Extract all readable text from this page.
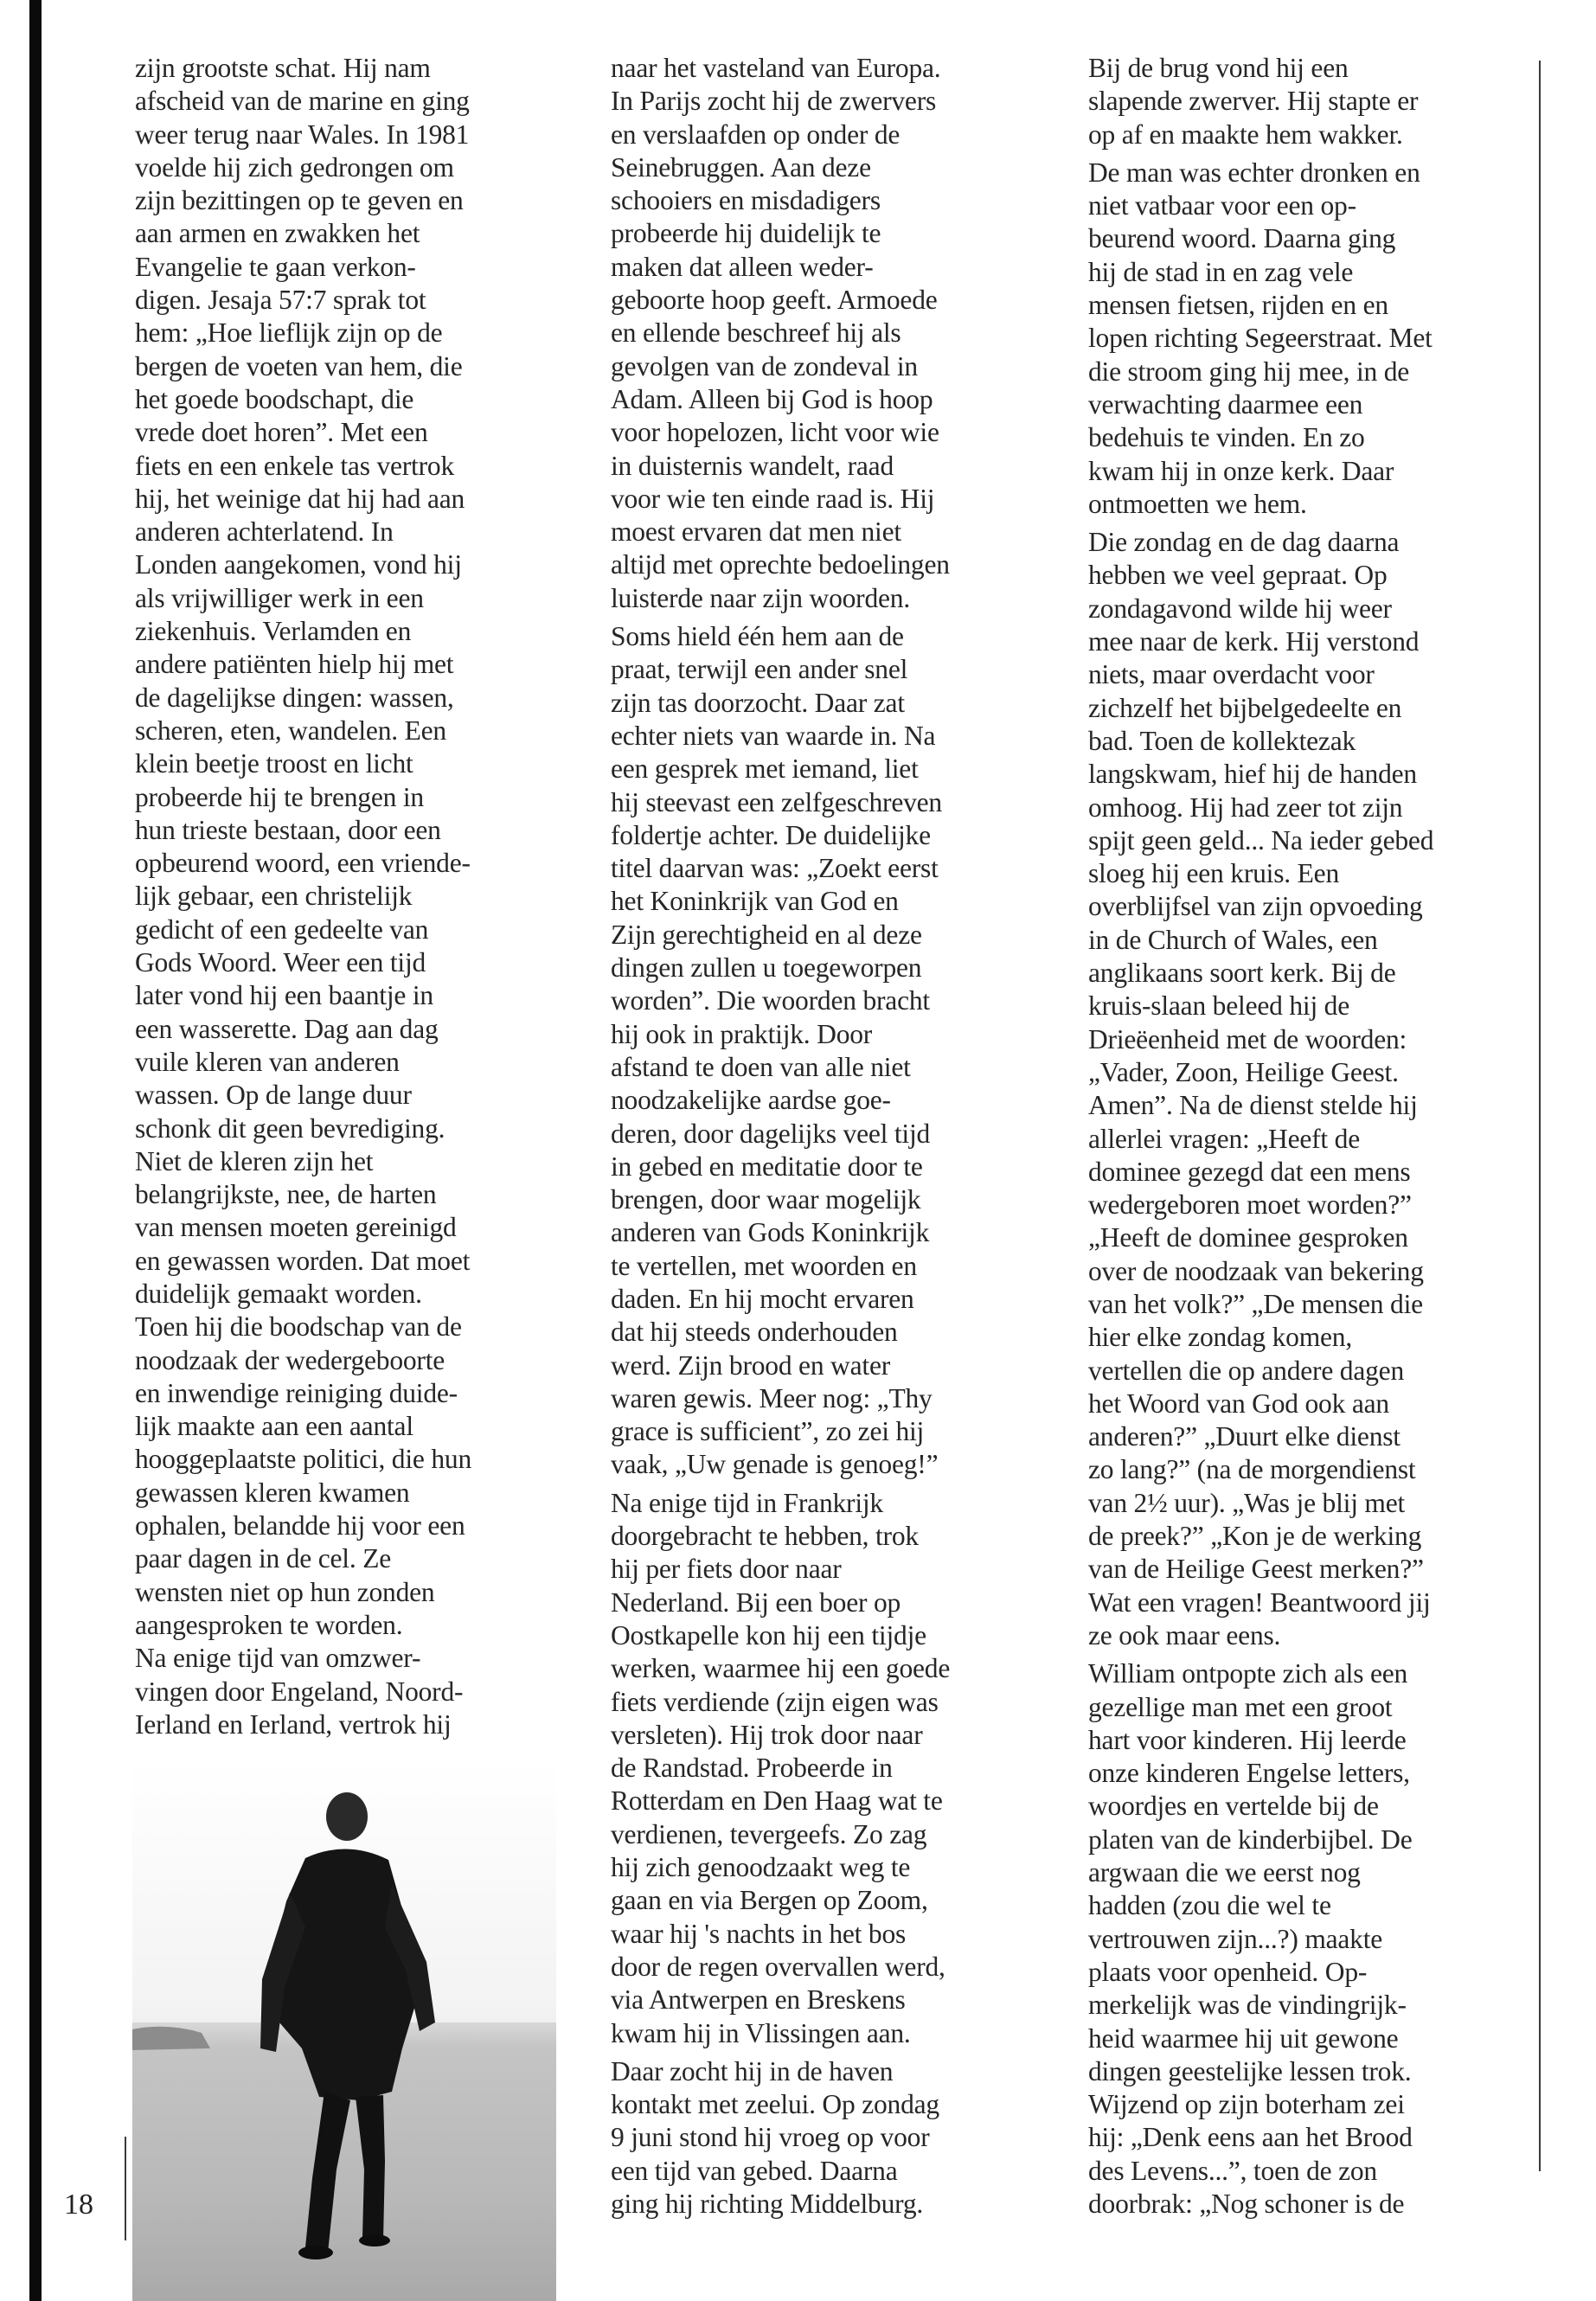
zijn grootste schat. Hij nam
afscheid van de marine en ging
weer terug naar Wales. In 1981
voelde hij zich gedrongen om
zijn bezittingen op te geven en
aan armen en zwakken het
Evangelie te gaan verkon-
digen. Jesaja 57:7 sprak tot
hem: „Hoe lieflijk zijn op de
bergen de voeten van hem, die
het goede boodschapt, die
vrede doet horen”. Met een
fiets en een enkele tas vertrok
hij, het weinige dat hij had aan
anderen achterlatend. In
Londen aangekomen, vond hij
als vrijwilliger werk in een
ziekenhuis. Verlamden en
andere patiënten hielp hij met
de dagelijkse dingen: wassen,
scheren, eten, wandelen. Een
klein beetje troost en licht
probeerde hij te brengen in
hun trieste bestaan, door een
opbeurend woord, een vriende-
lijk gebaar, een christelijk
gedicht of een gedeelte van
Gods Woord. Weer een tijd
later vond hij een baantje in
een wasserette. Dag aan dag
vuile kleren van anderen
wassen. Op de lange duur
schonk dit geen bevrediging.
Niet de kleren zijn het
belangrijkste, nee, de harten
van mensen moeten gereinigd
en gewassen worden. Dat moet
duidelijk gemaakt worden.
Toen hij die boodschap van de
noodzaak der wedergeboorte
en inwendige reiniging duide-
lijk maakte aan een aantal
hooggeplaatste politici, die hun
gewassen kleren kwamen
ophalen, belandde hij voor een
paar dagen in de cel. Ze
wensten niet op hun zonden
aangesproken te worden.
Na enige tijd van omzwer-
vingen door Engeland, Noord-
Ierland en Ierland, vertrok hij

naar het vasteland van Europa.
In Parijs zocht hij de zwervers
en verslaafden op onder de
Seinebruggen. Aan deze
schooiers en misdadigers
probeerde hij duidelijk te
maken dat alleen weder-
geboorte hoop geeft. Armoede
en ellende beschreef hij als
gevolgen van de zondeval in
Adam. Alleen bij God is hoop
voor hopelozen, licht voor wie
in duisternis wandelt, raad
voor wie ten einde raad is. Hij
moest ervaren dat men niet
altijd met oprechte bedoelingen
luisterde naar zijn woorden.

Soms hield één hem aan de
praat, terwijl een ander snel
zijn tas doorzocht. Daar zat
echter niets van waarde in. Na
een gesprek met iemand, liet
hij steevast een zelfgeschreven
foldertje achter. De duidelijke
titel daarvan was: „Zoekt eerst
het Koninkrijk van God en
Zijn gerechtigheid en al deze
dingen zullen u toegeworpen
worden”. Die woorden bracht
hij ook in praktijk. Door
afstand te doen van alle niet
noodzakelijke aardse goe-
deren, door dagelijks veel tijd
in gebed en meditatie door te
brengen, door waar mogelijk
anderen van Gods Koninkrijk
te vertellen, met woorden en
daden. En hij mocht ervaren
dat hij steeds onderhouden
werd. Zijn brood en water
waren gewis. Meer nog: „Thy
grace is sufficient”, zo zei hij
vaak, „Uw genade is genoeg!”

Na enige tijd in Frankrijk
doorgebracht te hebben, trok
hij per fiets door naar
Nederland. Bij een boer op
Oostkapelle kon hij een tijdje
werken, waarmee hij een goede
fiets verdiende (zijn eigen was
versleten). Hij trok door naar
de Randstad. Probeerde in
Rotterdam en Den Haag wat te
verdienen, tevergeefs. Zo zag
hij zich genoodzaakt weg te
gaan en via Bergen op Zoom,
waar hij 's nachts in het bos
door de regen overvallen werd,
via Antwerpen en Breskens
kwam hij in Vlissingen aan.

Daar zocht hij in de haven
kontakt met zeelui. Op zondag
9 juni stond hij vroeg op voor
een tijd van gebed. Daarna
ging hij richting Middelburg.

Bij de brug vond hij een
slapende zwerver. Hij stapte er
op af en maakte hem wakker.

De man was echter dronken en
niet vatbaar voor een op-
beurend woord. Daarna ging
hij de stad in en zag vele
mensen fietsen, rijden en en
lopen richting Segeerstraat. Met
die stroom ging hij mee, in de
verwachting daarmee een
bedehuis te vinden. En zo
kwam hij in onze kerk. Daar
ontmoetten we hem.

Die zondag en de dag daarna
hebben we veel gepraat. Op
zondagavond wilde hij weer
mee naar de kerk. Hij verstond
niets, maar overdacht voor
zichzelf het bijbelgedeelte en
bad. Toen de kollektezak
langskwam, hief hij de handen
omhoog. Hij had zeer tot zijn
spijt geen geld... Na ieder gebed
sloeg hij een kruis. Een
overblijfsel van zijn opvoeding
in de Church of Wales, een
anglikaans soort kerk. Bij de
kruis-slaan beleed hij de
Drieëenheid met de woorden:
„Vader, Zoon, Heilige Geest.
Amen”. Na de dienst stelde hij
allerlei vragen: „Heeft de
dominee gezegd dat een mens
wedergeboren moet worden?”
„Heeft de dominee gesproken
over de noodzaak van bekering
van het volk?” „De mensen die
hier elke zondag komen,
vertellen die op andere dagen
het Woord van God ook aan
anderen?” „Duurt elke dienst
zo lang?” (na de morgendienst
van 2½ uur). „Was je blij met
de preek?” „Kon je de werking
van de Heilige Geest merken?”
Wat een vragen! Beantwoord jij
ze ook maar eens.

William ontpopte zich als een
gezellige man met een groot
hart voor kinderen. Hij leerde
onze kinderen Engelse letters,
woordjes en vertelde bij de
platen van de kinderbijbel. De
argwaan die we eerst nog
hadden (zou die wel te
vertrouwen zijn...?) maakte
plaats voor openheid. Op-
merkelijk was de vindingrijk-
heid waarmee hij uit gewone
dingen geestelijke lessen trok.
Wijzend op zijn boterham zei
hij: „Denk eens aan het Brood
des Levens...”, toen de zon
doorbrak: „Nog schoner is de

18
